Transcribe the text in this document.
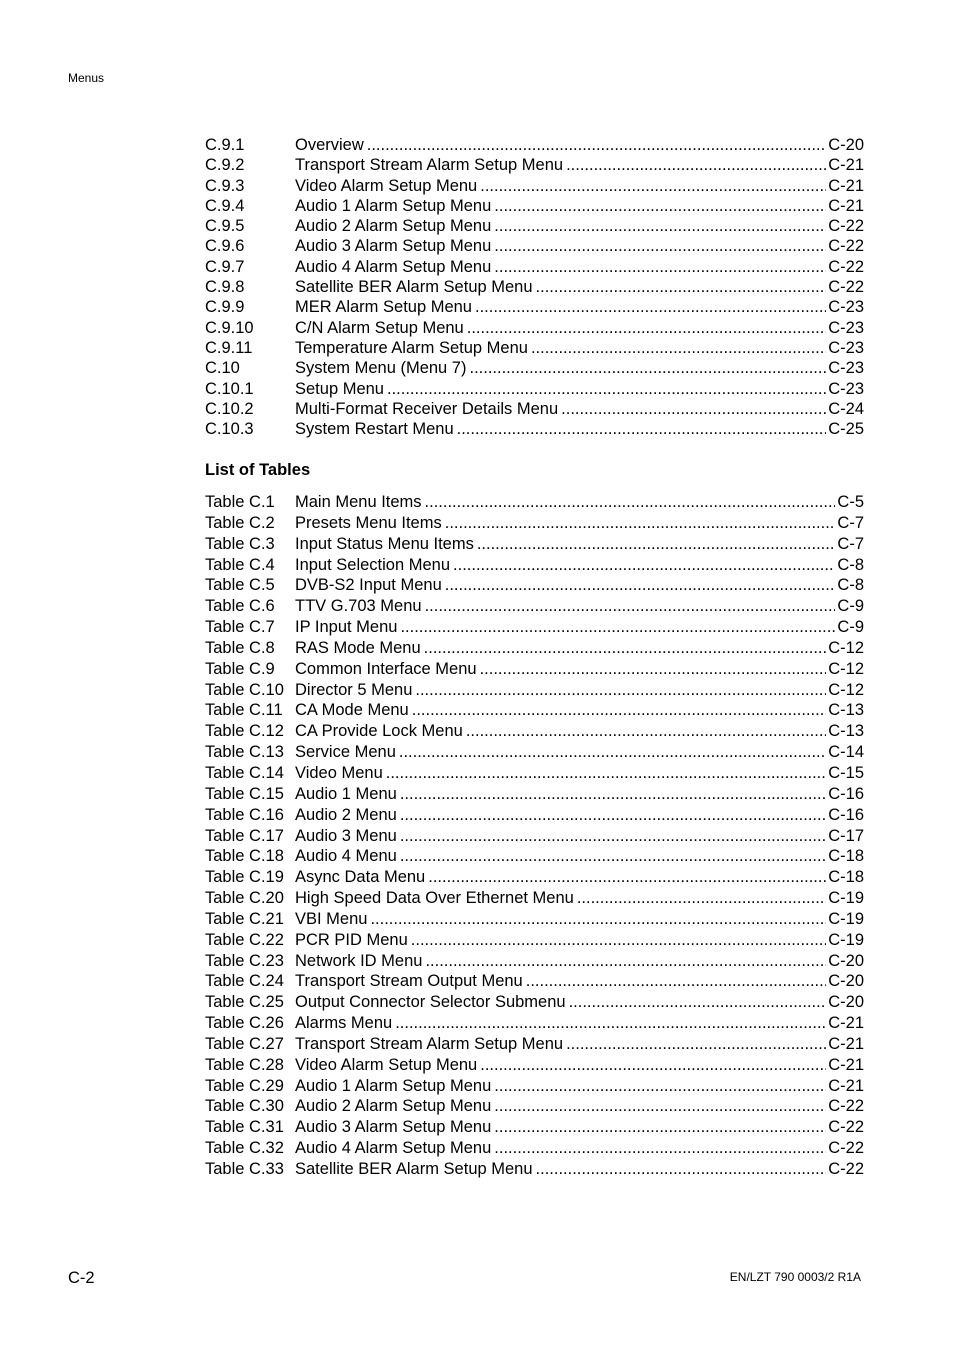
Menus
C.9.1	Overview .....	C-20
C.9.2	Transport Stream Alarm Setup Menu .....	C-21
C.9.3	Video Alarm Setup Menu .....	C-21
C.9.4	Audio 1 Alarm Setup Menu .....	C-21
C.9.5	Audio 2 Alarm Setup Menu .....	C-22
C.9.6	Audio 3 Alarm Setup Menu .....	C-22
C.9.7	Audio 4 Alarm Setup Menu .....	C-22
C.9.8	Satellite BER Alarm Setup Menu .....	C-22
C.9.9	MER Alarm Setup Menu .....	C-23
C.9.10	C/N Alarm Setup Menu .....	C-23
C.9.11	Temperature Alarm Setup Menu .....	C-23
C.10	System Menu (Menu 7) .....	C-23
C.10.1	Setup Menu .....	C-23
C.10.2	Multi-Format Receiver Details Menu .....	C-24
C.10.3	System Restart Menu .....	C-25
List of Tables
Table C.1	Main Menu Items .....	C-5
Table C.2	Presets Menu Items .....	C-7
Table C.3	Input Status Menu Items .....	C-7
Table C.4	Input Selection Menu .....	C-8
Table C.5	DVB-S2 Input Menu .....	C-8
Table C.6	TTV G.703 Menu .....	C-9
Table C.7	IP Input Menu .....	C-9
Table C.8	RAS Mode Menu .....	C-12
Table C.9	Common Interface Menu .....	C-12
Table C.10 Director 5 Menu .....	C-12
Table C.11 CA Mode Menu .....	C-13
Table C.12 CA Provide Lock Menu .....	C-13
Table C.13 Service Menu .....	C-14
Table C.14 Video Menu .....	C-15
Table C.15 Audio 1 Menu .....	C-16
Table C.16 Audio 2 Menu .....	C-16
Table C.17 Audio 3 Menu .....	C-17
Table C.18 Audio 4 Menu .....	C-18
Table C.19 Async Data Menu .....	C-18
Table C.20 High Speed Data Over Ethernet Menu .....	C-19
Table C.21 VBI Menu .....	C-19
Table C.22 PCR PID Menu .....	C-19
Table C.23 Network ID Menu .....	C-20
Table C.24 Transport Stream Output Menu .....	C-20
Table C.25 Output Connector Selector Submenu .....	C-20
Table C.26 Alarms Menu .....	C-21
Table C.27 Transport Stream Alarm Setup Menu .....	C-21
Table C.28 Video Alarm Setup Menu .....	C-21
Table C.29 Audio 1 Alarm Setup Menu .....	C-21
Table C.30 Audio 2 Alarm Setup Menu .....	C-22
Table C.31 Audio 3 Alarm Setup Menu .....	C-22
Table C.32 Audio 4 Alarm Setup Menu .....	C-22
Table C.33 Satellite BER Alarm Setup Menu .....	C-22
C-2	EN/LZT 790 0003/2 R1A
